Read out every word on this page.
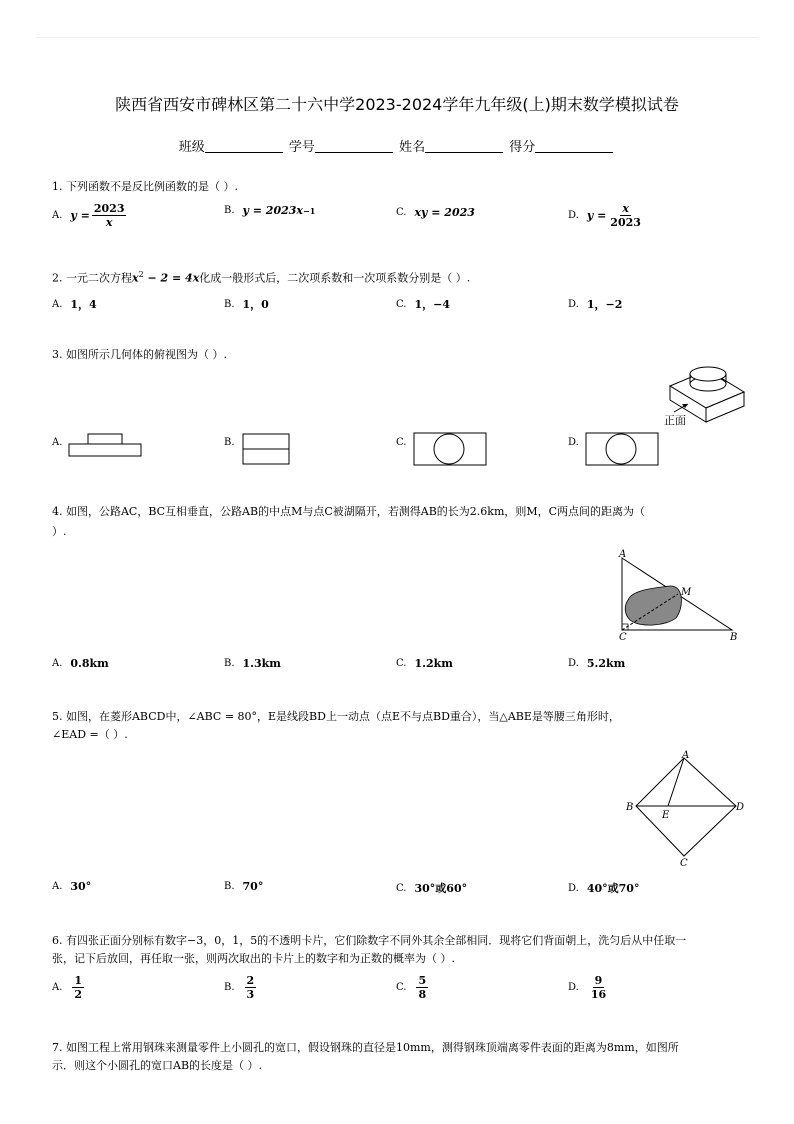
陕西省西安市碑林区第二十六中学2023-2024学年九年级(上)期末数学模拟试卷
班级	学号	姓名	得分
1. 下列函数不是反比例函数的是（ ）.
A. $y = \frac{2023}{x}$	B. y = 2023x −1	C. xy = 2023	D. $y = \frac{x}{2023}$
2. 一元二次方程$x^2 - 2 = 4x$化成一般形式后，二次项系数和一次项系数分别是（ ）.
A. 1，4	B. 1，0	C. 1，−4	D. 1，−2
3. 如图所示几何体的俯视图为（ ）.
正面
A.	B.	C.	D.
4. 如图，公路AC，BC互相垂直，公路AB的中点M与点C被湖隔开，若测得AB的长为2.6km，则M，C两点间的距离为（
）.
A
M
C	B
A. 0.8km	B. 1.3km	C. 1.2km	D. 5.2km
5. 如图，在菱形ABCD中，∠ABC = 80°，E是线段BD上一动点（点E不与点BD重合），当△ABE是等腰三角形时，
∠EAD =（ ）.
A
B	D
E
C
A. 30°	B. 70°	C. 30°或60°	D. 40°或70°
6. 有四张正面分别标有数字−3，0，1，5的不透明卡片，它们除数字不同外其余全部相同．现将它们背面朝上，洗匀后从中任取一
张，记下后放回，再任取一张，则两次取出的卡片上的数字和为正数的概率为（ ）.
A. $\frac{1}{2}$	B. $\frac{2}{3}$	C. $\frac{5}{8}$	D. $\frac{9}{16}$
7. 如图工程上常用钢珠来测量零件上小圆孔的宽口，假设钢珠的直径是10mm，测得钢珠顶端离零件表面的距离为8mm，如图所
示．则这个小圆孔的宽口AB的长度是（ ）.
